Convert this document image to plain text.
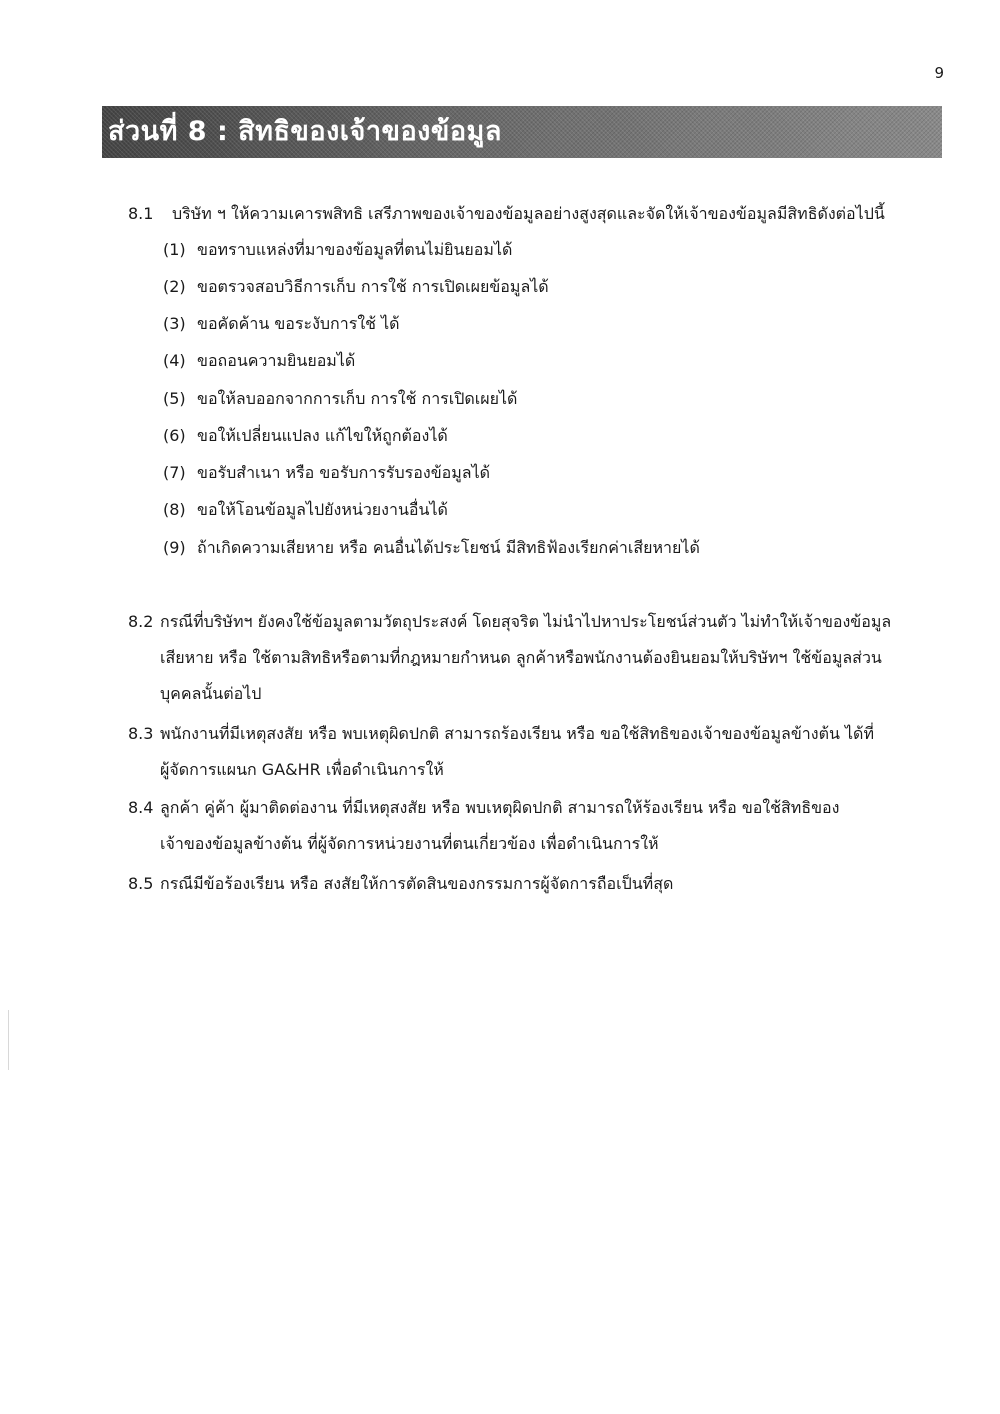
9
ส่วนที่ 8 : สิทธิของเจ้าของข้อมูล
8.1 บริษัท ฯ ให้ความเคารพสิทธิ เสรีภาพของเจ้าของข้อมูลอย่างสูงสุดและจัดให้เจ้าของข้อมูลมีสิทธิดังต่อไปนี้
(1) ขอทราบแหล่งที่มาของข้อมูลที่ตนไม่ยินยอมได้
(2) ขอตรวจสอบวิธีการเก็บ การใช้ การเปิดเผยข้อมูลได้
(3) ขอคัดค้าน ขอระงับการใช้ ได้
(4) ขอถอนความยินยอมได้
(5) ขอให้ลบออกจากการเก็บ การใช้ การเปิดเผยได้
(6) ขอให้เปลี่ยนแปลง แก้ไขให้ถูกต้องได้
(7) ขอรับสำเนา หรือ ขอรับการรับรองข้อมูลได้
(8) ขอให้โอนข้อมูลไปยังหน่วยงานอื่นได้
(9) ถ้าเกิดความเสียหาย หรือ คนอื่นได้ประโยชน์ มีสิทธิฟ้องเรียกค่าเสียหายได้
8.2 กรณีที่บริษัทฯ ยังคงใช้ข้อมูลตามวัตถุประสงค์ โดยสุจริต ไม่นำไปหาประโยชน์ส่วนตัว ไม่ทำให้เจ้าของข้อมูล
เสียหาย หรือ ใช้ตามสิทธิหรือตามที่กฎหมายกำหนด ลูกค้าหรือพนักงานต้องยินยอมให้บริษัทฯ ใช้ข้อมูลส่วน
บุคคลนั้นต่อไป
8.3 พนักงานที่มีเหตุสงสัย หรือ พบเหตุผิดปกติ สามารถร้องเรียน หรือ ขอใช้สิทธิของเจ้าของข้อมูลข้างต้น ได้ที่
ผู้จัดการแผนก GA&HR เพื่อดำเนินการให้
8.4 ลูกค้า คู่ค้า ผู้มาติดต่องาน ที่มีเหตุสงสัย หรือ พบเหตุผิดปกติ สามารถให้ร้องเรียน หรือ ขอใช้สิทธิของ
เจ้าของข้อมูลข้างต้น ที่ผู้จัดการหน่วยงานที่ตนเกี่ยวข้อง เพื่อดำเนินการให้
8.5 กรณีมีข้อร้องเรียน หรือ สงสัยให้การตัดสินของกรรมการผู้จัดการถือเป็นที่สุด
